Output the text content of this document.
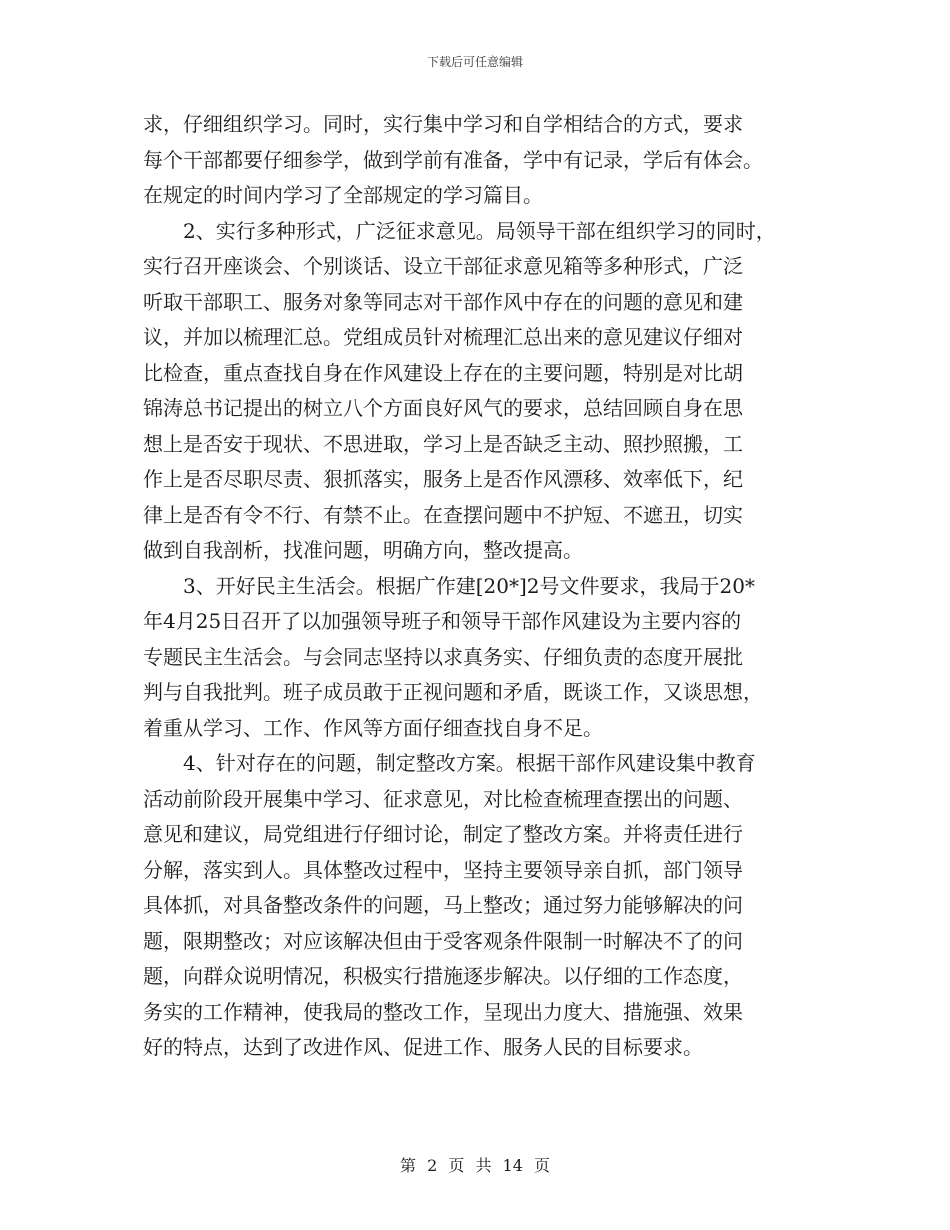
下载后可任意编辑
求，仔细组织学习。同时，实行集中学习和自学相结合的方式，要求
每个干部都要仔细参学，做到学前有准备，学中有记录，学后有体会。
在规定的时间内学习了全部规定的学习篇目。
2、实行多种形式，广泛征求意见。局领导干部在组织学习的同时，
实行召开座谈会、个别谈话、设立干部征求意见箱等多种形式，广泛
听取干部职工、服务对象等同志对干部作风中存在的问题的意见和建
议，并加以梳理汇总。党组成员针对梳理汇总出来的意见建议仔细对
比检查，重点查找自身在作风建设上存在的主要问题，特别是对比胡
锦涛总书记提出的树立八个方面良好风气的要求，总结回顾自身在思
想上是否安于现状、不思进取，学习上是否缺乏主动、照抄照搬，工
作上是否尽职尽责、狠抓落实，服务上是否作风漂移、效率低下，纪
律上是否有令不行、有禁不止。在查摆问题中不护短、不遮丑，切实
做到自我剖析，找准问题，明确方向，整改提高。
3、开好民主生活会。根据广作建[20*]2号文件要求，我局于20*
年4月25日召开了以加强领导班子和领导干部作风建设为主要内容的
专题民主生活会。与会同志坚持以求真务实、仔细负责的态度开展批
判与自我批判。班子成员敢于正视问题和矛盾，既谈工作，又谈思想，
着重从学习、工作、作风等方面仔细查找自身不足。
4、针对存在的问题，制定整改方案。根据干部作风建设集中教育
活动前阶段开展集中学习、征求意见，对比检查梳理查摆出的问题、
意见和建议，局党组进行仔细讨论，制定了整改方案。并将责任进行
分解，落实到人。具体整改过程中，坚持主要领导亲自抓，部门领导
具体抓，对具备整改条件的问题，马上整改；通过努力能够解决的问
题，限期整改；对应该解决但由于受客观条件限制一时解决不了的问
题，向群众说明情况，积极实行措施逐步解决。以仔细的工作态度，
务实的工作精神，使我局的整改工作，呈现出力度大、措施强、效果
好的特点，达到了改进作风、促进工作、服务人民的目标要求。
第 2 页 共 14 页
